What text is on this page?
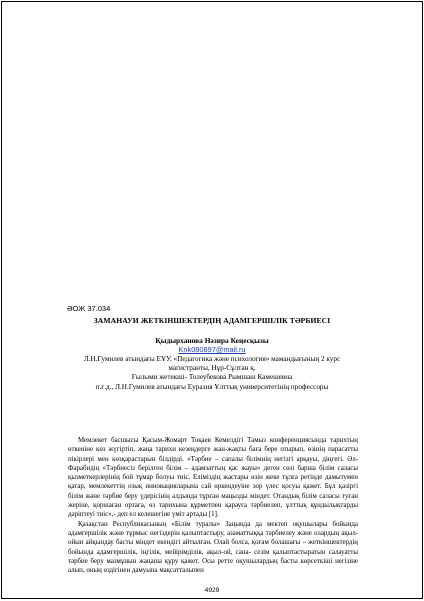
ӘОЖ 37.034
ЗАМАНАУИ ЖЕТКІНШЕКТЕРДІҢ АДАМГЕРШІЛІК ТӘРБИЕСІ
Қыдырханова Нәзира Кеңесқызы
Knk080897@mail.ru
Л.Н.Гумилев атындағы ЕҰУ, «Педагогика және психология» мамандығының 2 курс
магистранты, Нұр-Сұлтан қ.
Ғылыми жетекші- Толеубекова Рымшаш Камешевна
п.ғ.д., Л.Н.Гумилев атындағы Еуразия Ұлттық университетінің профессоры

Мемлекет басшысы Қасым-Жомарт Тоқаев Кемелдігі Тамыз конференциясында тарихтың өткеніне көз жүгіртіп, жаңа тарихи кезеңдерге жан-жақты баға бере отырып, өзінің парасатты пікірлері мен көзқарастарын білдірді. «Тәрбие – сапалы білімнің негізгі арқауы, діңгегі. Әл-Фарабидің «Тәрбиесіз берілген білім – адамзаттың қас жауы» деген сөзі барша білім саласы қызметкерлерінің бой тұмар болуы тиіс. Еліміздің жастары өзін жеке тұлға ретінде дамытумен қатар, мемлекеттің озық инновацияларына сай өркендеуіне зор үлес қосуы қажет. Бұл қазіргі білім және тәрбие беру үдерісінің алдында тұрған маңызды міндет. Отандық білім саласы туған жеріне, қоршаған ортаға, өз тарихына құрметпен қарауға тәрбиелеп, ұлттық құндылықтарды дәріптеуі тиіс»,- деп ел келешегіне үміт артады [1].

Қазақстан Республикасының «Білім туралы» Заңында да мектеп оқушылары бойында адамгершілік және тұрмыс негіздерін қалыптастыру, азаматтыққа тәрбиелеу және олардың ақыл-ойын айқындау басты міндет екендігі айтылған. Олай болса, қоғам болашағы – жеткіншектердің бойында адамгершілік, іңгілік, мейірімділік, ақыл-ой, сана- сезім қалыптастыратын салауатты тәрбие беру мазмұнын жаңаша құру қажет. Осы ретте оқушылардың басты көрсеткіші негізіне алып, оның өздігінен дамуына мақсатталыпен

4929
